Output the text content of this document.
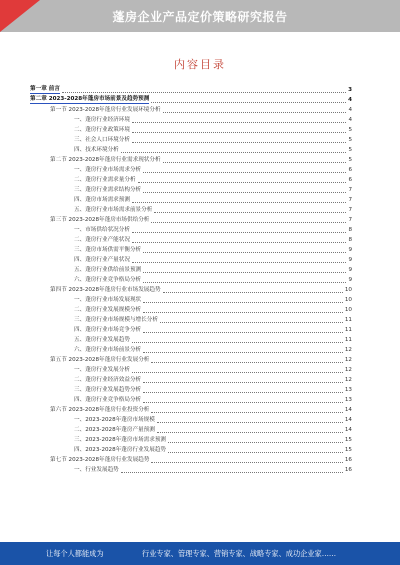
蓬房企业产品定价策略研究报告
内容目录
第一章 前言	3
第二章 2023-2028年蓬房市场前景及趋势预测	4
第一节 2023-2028年蓬房行业发展环境分析	4
一、蓬房行业经济环境	4
二、蓬房行业政策环境	5
三、社会人口环境分析	5
四、技术环境分析	5
第二节 2023-2028年蓬房行业需求现状分析	5
一、蓬房行业市场需求分析	6
二、蓬房行业需求量分析	6
三、蓬房行业需求结构分析	7
四、蓬房市场需求预测	7
五、蓬房行业市场需求前景分析	7
第三节 2023-2028年蓬房市场供给分析	7
一、市场供给状况分析	8
二、蓬房行业产能状况	8
三、蓬房市场供需平衡分析	9
四、蓬房行业产量状况	9
五、蓬房行业供给前景预测	9
六、蓬房行业竞争格局分析	9
第四节 2023-2028年蓬房行业市场发展趋势	10
一、蓬房行业市场发展现状	10
二、蓬房行业发展规模分析	10
三、蓬房行业市场规模与增长分析	11
四、蓬房行业市场竞争分析	11
五、蓬房行业发展趋势	11
六、蓬房行业市场前景分析	12
第五节 2023-2028年蓬房行业发展分析	12
一、蓬房行业发展分析	12
二、蓬房行业经济效益分析	12
三、蓬房行业发展趋势分析	13
四、蓬房行业竞争格局分析	13
第六节 2023-2028年蓬房行业投资分析	14
一、2023-2028年蓬房市场规模	14
二、2023-2028年蓬房产量预测	14
三、2023-2028年蓬房市场需求预测	15
四、2023-2028年蓬房行业发展趋势	15
第七节 2023-2028年蓬房行业发展趋势	16
一、行业发展趋势	16
让每个人都能成为	行业专家、管理专家、营销专家、战略专家、成功企业家……
